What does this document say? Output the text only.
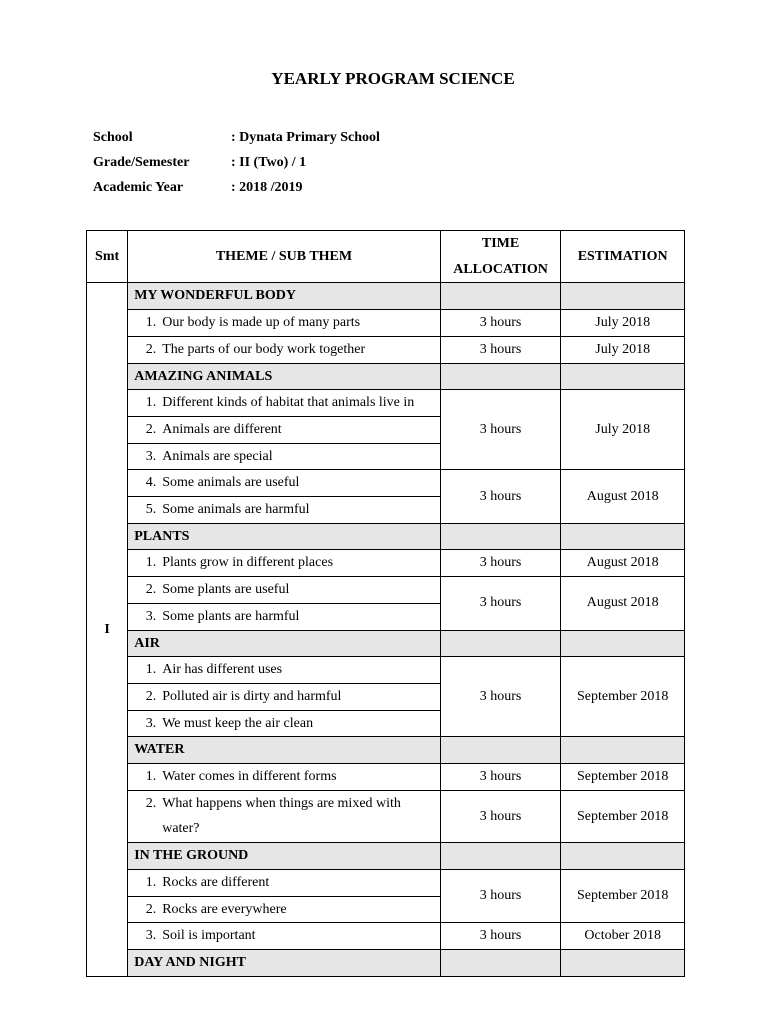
YEARLY PROGRAM SCIENCE
School	: Dynata Primary School
Grade/Semester	: II (Two) / 1
Academic Year	: 2018 /2019
Smt	THEME / SUB THEM	TIME ALLOCATION	ESTIMATION
I	MY WONDERFUL BODY		

	1. Our body is made up of many parts	3 hours	July 2018

	2. The parts of our body work together	3 hours	July 2018
	AMAZING ANIMALS		

	1. Different kinds of habitat that animals live in	3 hours	July 2018

	2. Animals are different		

	3. Animals are special		

	4. Some animals are useful	3 hours	August 2018

	5. Some animals are harmful		

	PLANTS		

	1. Plants grow in different places	3 hours	August 2018

	2. Some plants are useful	3 hours	August 2018

	3. Some plants are harmful		

	AIR		

	1. Air has different uses	3 hours	September 2018

	2. Polluted air is dirty and harmful		

	3. We must keep the air clean		

	WATER		

	1. Water comes in different forms	3 hours	September 2018

	2. What happens when things are mixed with water?	3 hours	September 2018
	IN THE GROUND		

	1. Rocks are different	3 hours	September 2018

	2. Rocks are everywhere		

	3. Soil is important	3 hours	October 2018
	DAY AND NIGHT		
